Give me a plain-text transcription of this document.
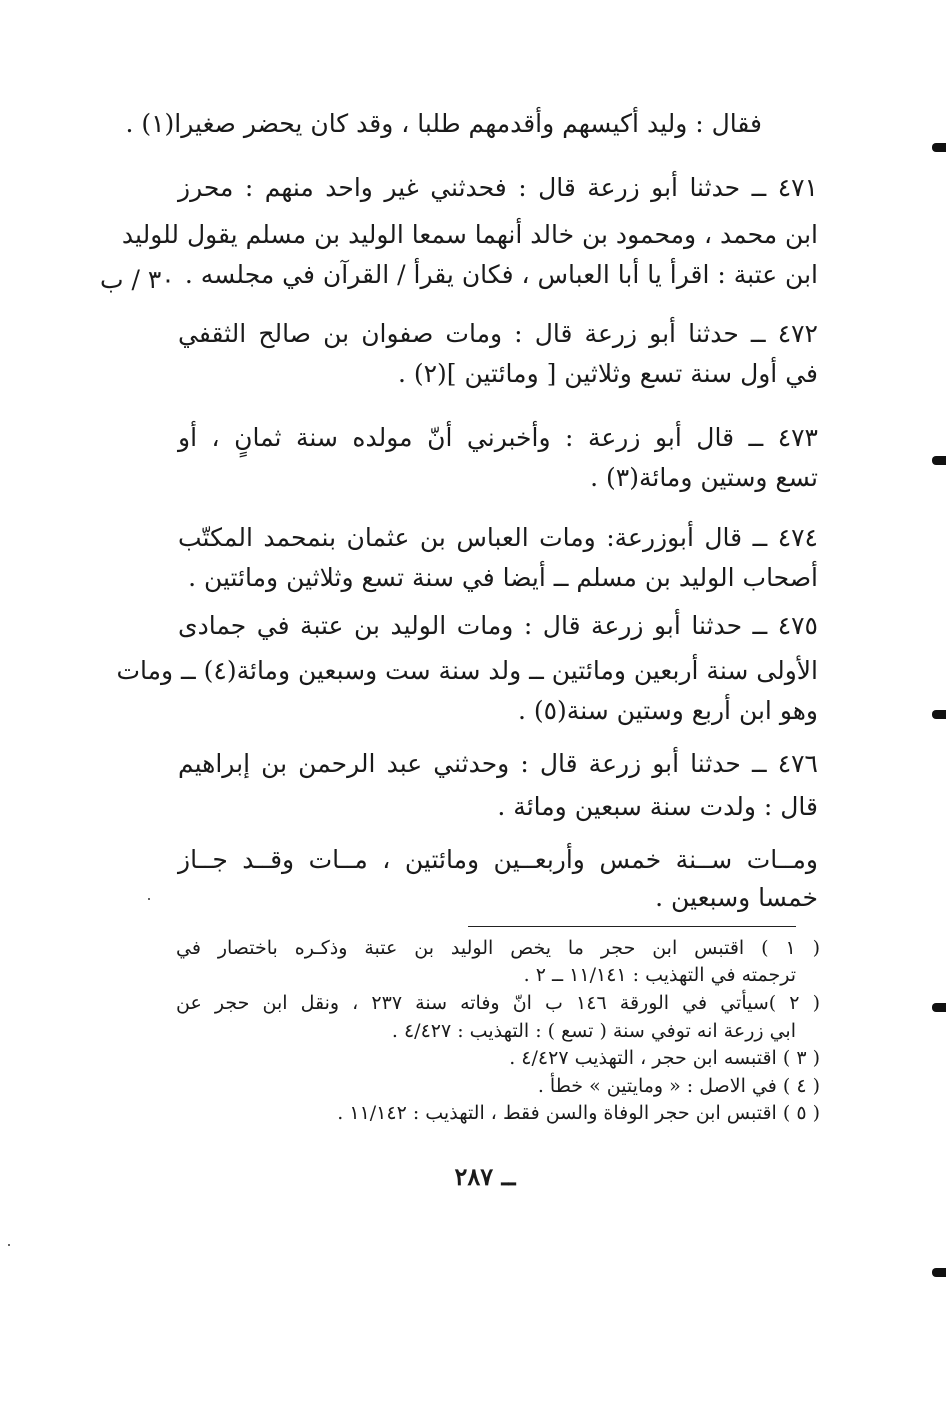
فقال : وليد أكيسهم وأقدمهم طلبا ، وقد كان يحضر صغيرا(١) .
٤٧١ ــ حدثنا أبو زرعة قال : فحدثني غير واحد منهم : محرز
ابن محمد ، ومحمود بن خالد أنهما سمعا الوليد بن مسلم يقول للوليد
ابن عتبة : اقرأ يا أبا العباس ، فكان يقرأ / القرآن في مجلسه .
٣٠ / ب
٤٧٢ ــ حدثنا أبو زرعة قال : ومات صفوان بن صالح الثقفي
في أول سنة تسع وثلاثين [ ومائتين ](٢) .
٤٧٣ ــ قال أبو زرعة : وأخبرني أنّ مولده سنة ثمانٍ ، أو
تسع وستين ومائة(٣) .
٤٧٤ ــ قال أبوزرعة: ومات العباس بن عثمان بنمحمد المكتّب
أصحاب الوليد بن مسلم ــ أيضا في سنة تسع وثلاثين ومائتين .
٤٧٥ ــ حدثنا أبو زرعة قال : ومات الوليد بن عتبة في جمادى
الأولى سنة أربعين ومائتين ــ ولد سنة ست وسبعين ومائة(٤) ــ ومات
وهو ابن أربع وستين سنة(٥) .
٤٧٦ ــ حدثنا أبو زرعة قال : وحدثني عبد الرحمن بن إبراهيم
قال : ولدت سنة سبعين ومائة .
ومــات ســنة خمس وأربعــين ومائتين ، مــات وقــد جــاز
خمسا وسبعين .
( ١ ) اقتبس ابن حجر ما يخص الوليد بن عتبة وذكـره باختصار في
ترجمته في التهذيب : ١١/١٤١ ــ ٢ .
( ٢ )سيأتي في الورقة ١٤٦ ب انّ وفاته سنة ٢٣٧ ، ونقل ابن حجر عن
ابي زرعة انه توفي سنة ( تسع ) : التهذيب : ٤/٤٢٧ .
( ٣ ) اقتبسه ابن حجر ، التهذيب ٤/٤٢٧ .
( ٤ ) في الاصل : « ومايتين » خطأ .
( ٥ ) اقتبس ابن حجر الوفاة والسن فقط ، التهذيب : ١١/١٤٢ .
ــ ٢٨٧
